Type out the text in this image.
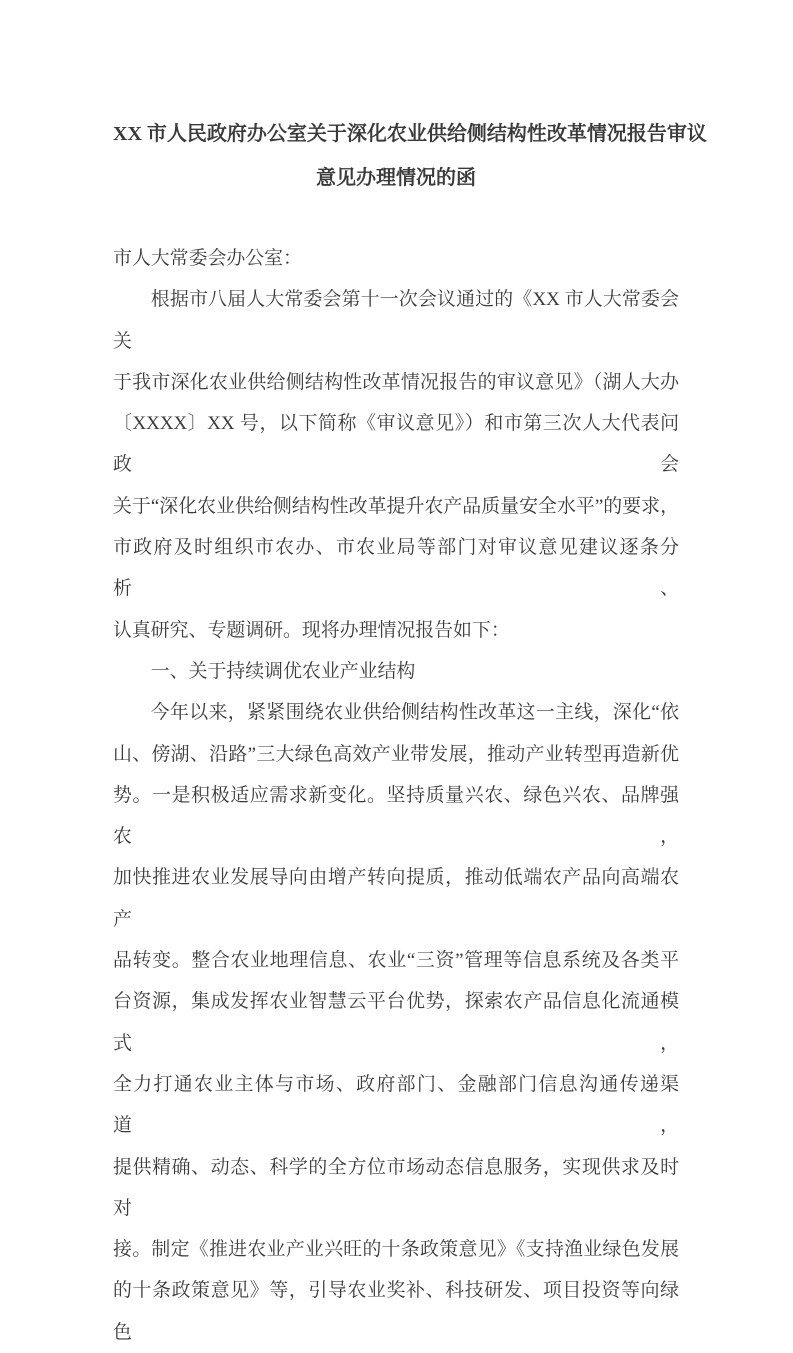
XX 市人民政府办公室关于深化农业供给侧结构性改革情况报告审议
意见办理情况的函
市人大常委会办公室：
根据市八届人大常委会第十一次会议通过的《XX 市人大常委会关
于我市深化农业供给侧结构性改革情况报告的审议意见》（湖人大办
〔XXXX〕XX 号，以下简称《审议意见》）和市第三次人大代表问政会
关于“深化农业供给侧结构性改革提升农产品质量安全水平”的要求，
市政府及时组织市农办、市农业局等部门对审议意见建议逐条分析、
认真研究、专题调研。现将办理情况报告如下：
一、关于持续调优农业产业结构
今年以来，紧紧围绕农业供给侧结构性改革这一主线，深化“依
山、傍湖、沿路”三大绿色高效产业带发展，推动产业转型再造新优
势。一是积极适应需求新变化。坚持质量兴农、绿色兴农、品牌强农，
加快推进农业发展导向由增产转向提质，推动低端农产品向高端农产
品转变。整合农业地理信息、农业“三资”管理等信息系统及各类平
台资源，集成发挥农业智慧云平台优势，探索农产品信息化流通模式，
全力打通农业主体与市场、政府部门、金融部门信息沟通传递渠道，
提供精确、动态、科学的全方位市场动态信息服务，实现供求及时对
接。制定《推进农业产业兴旺的十条政策意见》《支持渔业绿色发展
的十条政策意见》等，引导农业奖补、科技研发、项目投资等向绿色
